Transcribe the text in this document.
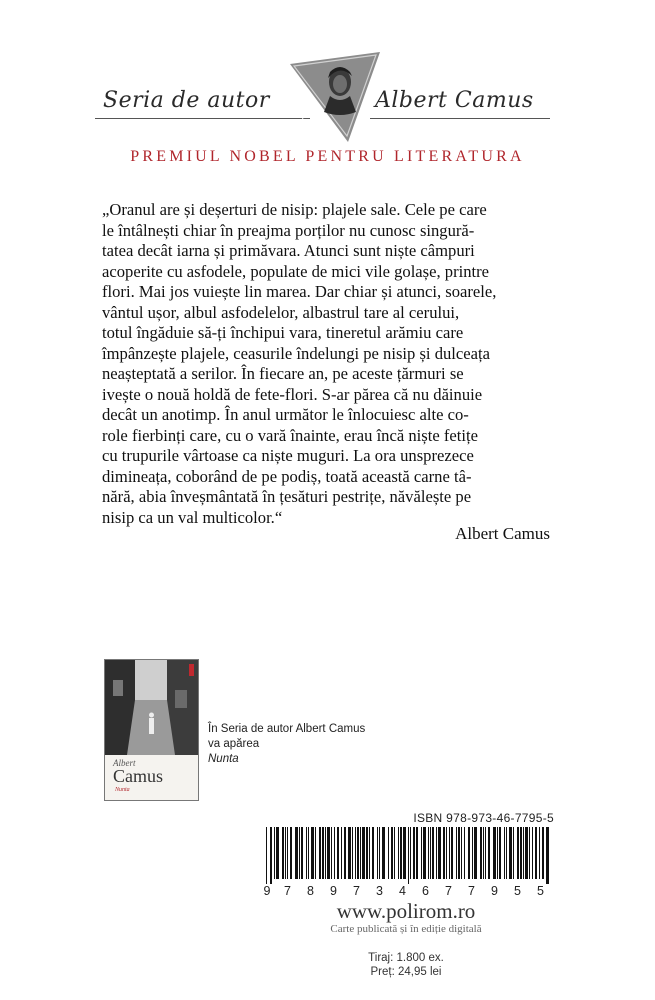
Seria de autor	Albert Camus
PREMIUL NOBEL PENTRU LITERATURA
„Oranul are și deșerturi de nisip: plajele sale. Cele pe care
le întâlnești chiar în preajma porților nu cunosc singură-
tatea decât iarna și primăvara. Atunci sunt niște câmpuri
acoperite cu asfodele, populate de mici vile golașe, printre
flori. Mai jos vuiește lin marea. Dar chiar și atunci, soarele,
vântul ușor, albul asfodelelor, albastrul tare al cerului,
totul îngăduie să-ți închipui vara, tineretul arămiu care
împânzește plajele, ceasurile îndelungi pe nisip și dulceața
neașteptată a serilor. În fiecare an, pe aceste țărmuri se
ivește o nouă holdă de fete-flori. S-ar părea că nu dăinuie
decât un anotimp. În anul următor le înlocuiesc alte co-
role fierbinți care, cu o vară înainte, erau încă niște fetițe
cu trupurile vârtoase ca niște muguri. La ora unsprezece
dimineața, coborând de pe podiș, toată această carne tâ-
nără, abia înveșmântată în țesături pestrițe, năvălește pe
nisip ca un val multicolor.“
Albert Camus
Albert
Camus
Nunta
În Seria de autor Albert Camus
va apărea
Nunta
ISBN 978-973-46-7795-5
9	7	8	9	7	3	4	6	7	7	9	5	5
www.polirom.ro
Carte publicată și în ediție digitală
Tiraj: 1.800 ex.
Preț: 24,95 lei
